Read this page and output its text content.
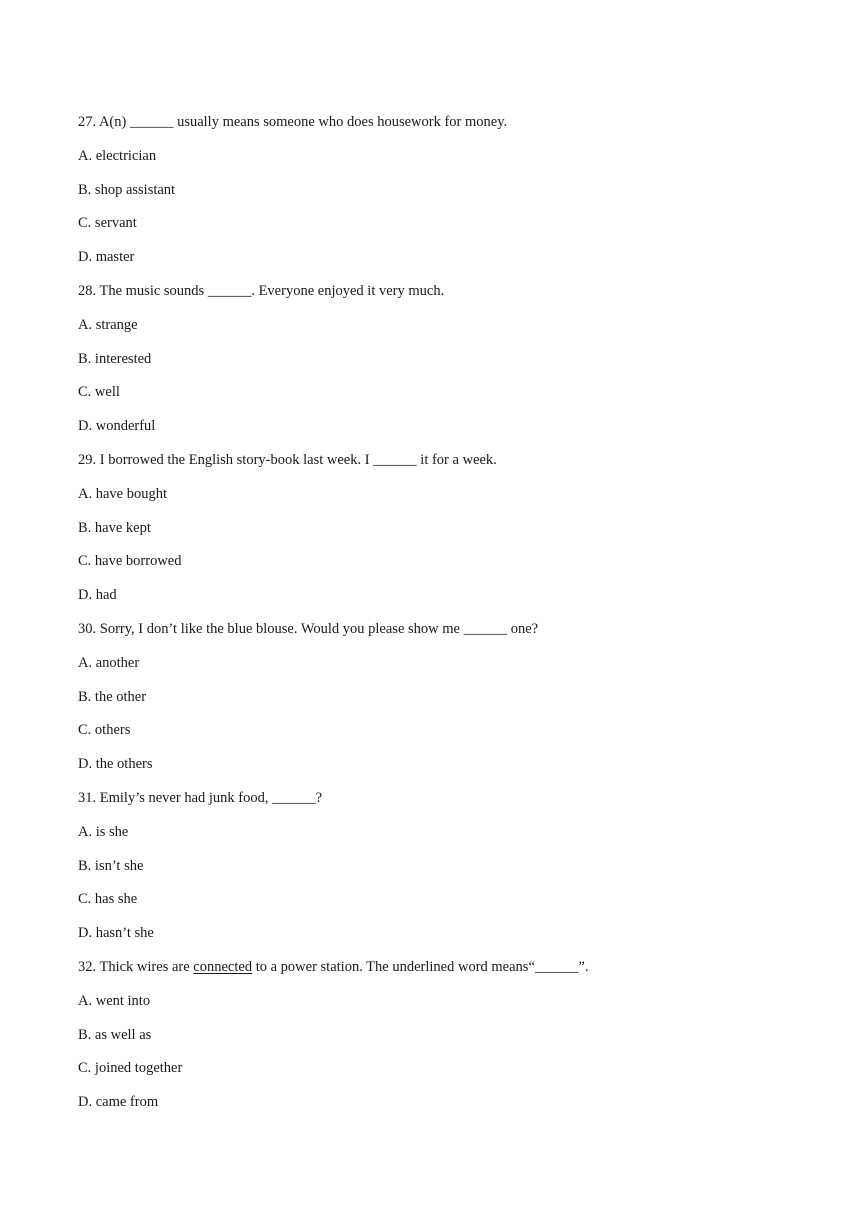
27. A(n) ______ usually means someone who does housework for money.
A. electrician
B. shop assistant
C. servant
D. master
28. The music sounds ______. Everyone enjoyed it very much.
A. strange
B. interested
C. well
D. wonderful
29. I borrowed the English story-book last week. I ______ it for a week.
A. have bought
B. have kept
C. have borrowed
D. had
30. Sorry, I don’t like the blue blouse. Would you please show me ______ one?
A. another
B. the other
C. others
D. the others
31. Emily’s never had junk food, ______?
A. is she
B. isn’t she
C. has she
D. hasn’t she
32. Thick wires are connected to a power station. The underlined word means“______”.
A. went into
B. as well as
C. joined together
D. came from
